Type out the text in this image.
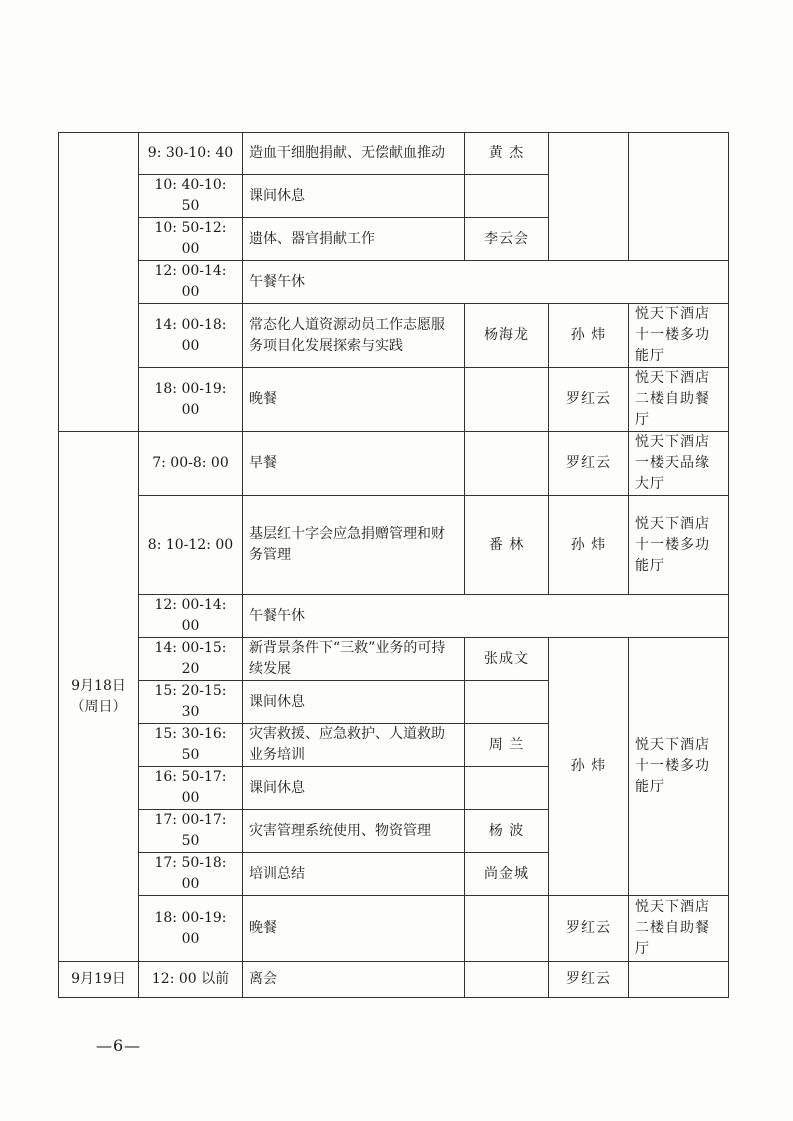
	9: 30-10: 40	造血干细胞捐献、无偿献血推动	黄 杰		
	10: 40-10: 50	课间休息			
	10: 50-12: 00	遗体、器官捐献工作	李云会		
	12: 00-14: 00	午餐午休			
	14: 00-18: 00	常态化人道资源动员工作志愿服务项目化发展探索与实践	杨海龙	孙 炜	悦天下酒店十一楼多功能厅
	18: 00-19: 00	晚餐		罗红云	悦天下酒店二楼自助餐厅
9月18日（周日）	7: 00-8: 00	早餐		罗红云	悦天下酒店一楼天品缘大厅
	8: 10-12: 00	基层红十字会应急捐赠管理和财务管理	番 林	孙 炜	悦天下酒店十一楼多功能厅
	12: 00-14: 00	午餐午休			
	14: 00-15: 20	新背景条件下“三救”业务的可持续发展	张成文	孙 炜	悦天下酒店十一楼多功能厅
	15: 20-15: 30	课间休息			
	15: 30-16: 50	灾害救援、应急救护、人道救助业务培训	周 兰		
	16: 50-17: 00	课间休息			
	17: 00-17: 50	灾害管理系统使用、物资管理	杨 波		
	17: 50-18: 00	培训总结	尚金城		
	18: 00-19: 00	晚餐		罗红云	悦天下酒店二楼自助餐厅
9月19日	12: 00 以前	离会		罗红云	
—6—
